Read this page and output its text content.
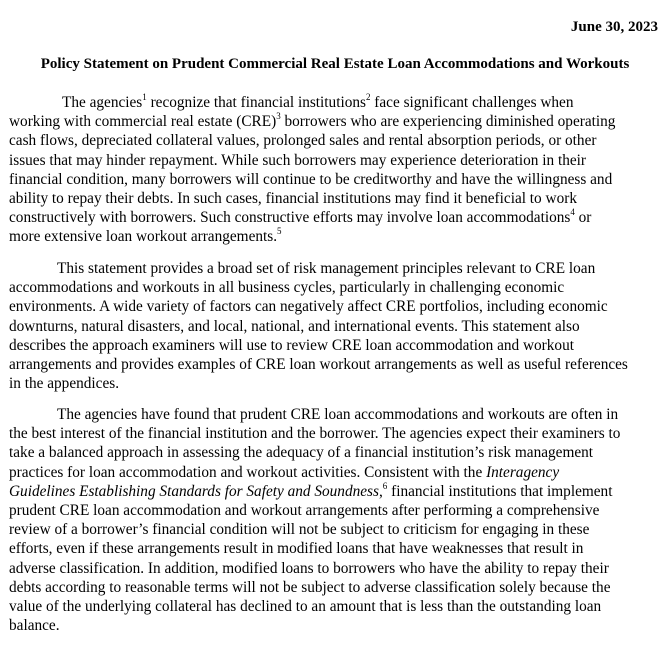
June 30, 2023
Policy Statement on Prudent Commercial Real Estate Loan Accommodations and Workouts
The agencies$^1$ recognize that financial institutions$^2$ face significant challenges when
working with commercial real estate (CRE)$^3$ borrowers who are experiencing diminished operating
cash flows, depreciated collateral values, prolonged sales and rental absorption periods, or other
issues that may hinder repayment. While such borrowers may experience deterioration in their
financial condition, many borrowers will continue to be creditworthy and have the willingness and
ability to repay their debts. In such cases, financial institutions may find it beneficial to work
constructively with borrowers. Such constructive efforts may involve loan accommodations$^4$ or
more extensive loan workout arrangements.$^5$
This statement provides a broad set of risk management principles relevant to CRE loan
accommodations and workouts in all business cycles, particularly in challenging economic
environments. A wide variety of factors can negatively affect CRE portfolios, including economic
downturns, natural disasters, and local, national, and international events. This statement also
describes the approach examiners will use to review CRE loan accommodation and workout
arrangements and provides examples of CRE loan workout arrangements as well as useful references
in the appendices.
The agencies have found that prudent CRE loan accommodations and workouts are often in
the best interest of the financial institution and the borrower. The agencies expect their examiners to
take a balanced approach in assessing the adequacy of a financial institution’s risk management
practices for loan accommodation and workout activities. Consistent with the Interagency
Guidelines Establishing Standards for Safety and Soundness,$^6$ financial institutions that implement
prudent CRE loan accommodation and workout arrangements after performing a comprehensive
review of a borrower’s financial condition will not be subject to criticism for engaging in these
efforts, even if these arrangements result in modified loans that have weaknesses that result in
adverse classification. In addition, modified loans to borrowers who have the ability to repay their
debts according to reasonable terms will not be subject to adverse classification solely because the
value of the underlying collateral has declined to an amount that is less than the outstanding loan
balance.
